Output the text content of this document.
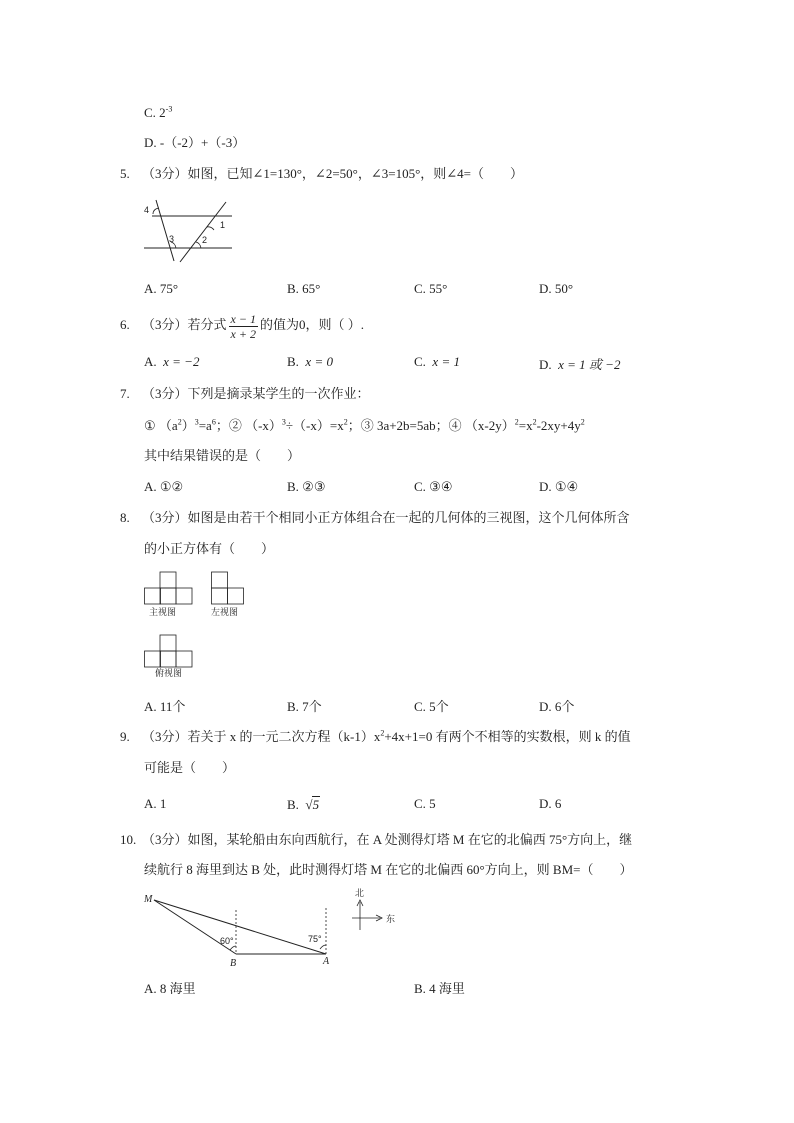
C. $2^{-3}$
D. -（-2）+（-3）
5. （3分）如图，已知∠1=130°，∠2=50°，∠3=105°，则∠4=（　　）
4
1
3	2
A. 75°	B. 65°	C. 55°	D. 50°
6. （3分）若分式 $\frac{x - 1}{x + 2}$ 的值为0，则（ ）.
A. x = −2	B. x = 0	C. x = 1	D. x = 1 或 −2
7. （3分）下列是摘录某学生的一次作业：
① $(a^2)^3=a^6$；② $(-x)^3\div(-x)=x^2$；③ 3a+2b=5ab；④ $(x-2y)^2=x^2-2xy+4y^2$
其中结果错误的是（　　）
A. ①②	B. ②③	C. ③④	D. ①④
8. （3分）如图是由若干个相同小正方体组合在一起的几何体的三视图，这个几何体所含
的小正方体有（　　）
主视图	左视图
俯视图
A. 11个	B. 7个	C. 5个	D. 6个
9. （3分）若关于 x 的一元二次方程$(k-1)x^2+4x+1=0$ 有两个不相等的实数根，则 k 的值
可能是（　　）
A. 1	B.  √5	C. 5	D. 6
10. （3分）如图，某轮船由东向西航行，在 A 处测得灯塔 M 在它的北偏西 75°方向上，继
续航行 8 海里到达 B 处，此时测得灯塔 M 在它的北偏西 60°方向上，则 BM=（　　）
M
B	A
60°	75°
北
东
A. 8 海里	B. 4 海里
